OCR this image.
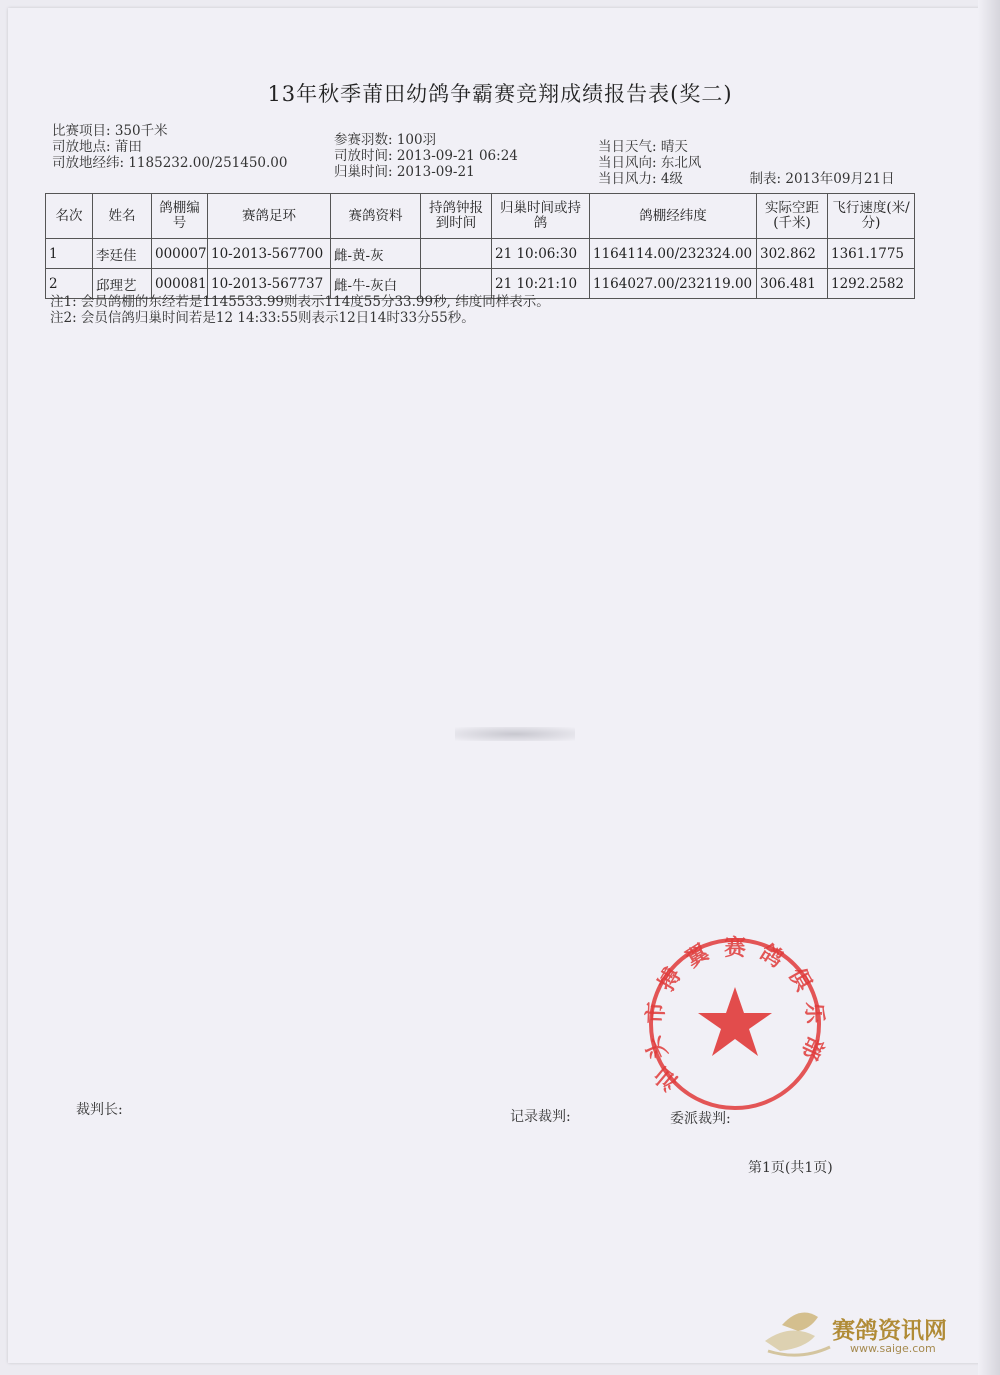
13年秋季莆田幼鸽争霸赛竞翔成绩报告表(奖二)
比赛项目: 350千米
司放地点: 莆田
司放地经纬: 1185232.00/251450.00
参赛羽数: 100羽
司放时间: 2013-09-21 06:24
归巢时间: 2013-09-21
当日天气: 晴天
当日风向: 东北风
当日风力: 4级	制表: 2013年09月21日
名次	姓名	鸽棚编号	赛鸽足环	赛鸽资料	持鸽钟报到时间	归巢时间或持鸽	鸽棚经纬度	实际空距(千米)	飞行速度(米/分)
1	李廷佳	000007	10-2013-567700	雌-黄-灰		21 10:06:30	1164114.00/232324.00	302.862	1361.1775
2	邱理艺	000081	10-2013-567737	雌-牛-灰白		21 10:21:10	1164027.00/232119.00	306.481	1292.2582
注1: 会员鸽棚的东经若是1145533.99则表示114度55分33.99秒, 纬度同样表示。
注2: 会员信鸽归巢时间若是12 14:33:55则表示12日14时33分55秒。
汕
头
市
搏
翼 赛 鸽
俱
乐
部
裁判长:	记录裁判:	委派裁判:
第1页(共1页)
赛鸽资讯网
www.saige.com
